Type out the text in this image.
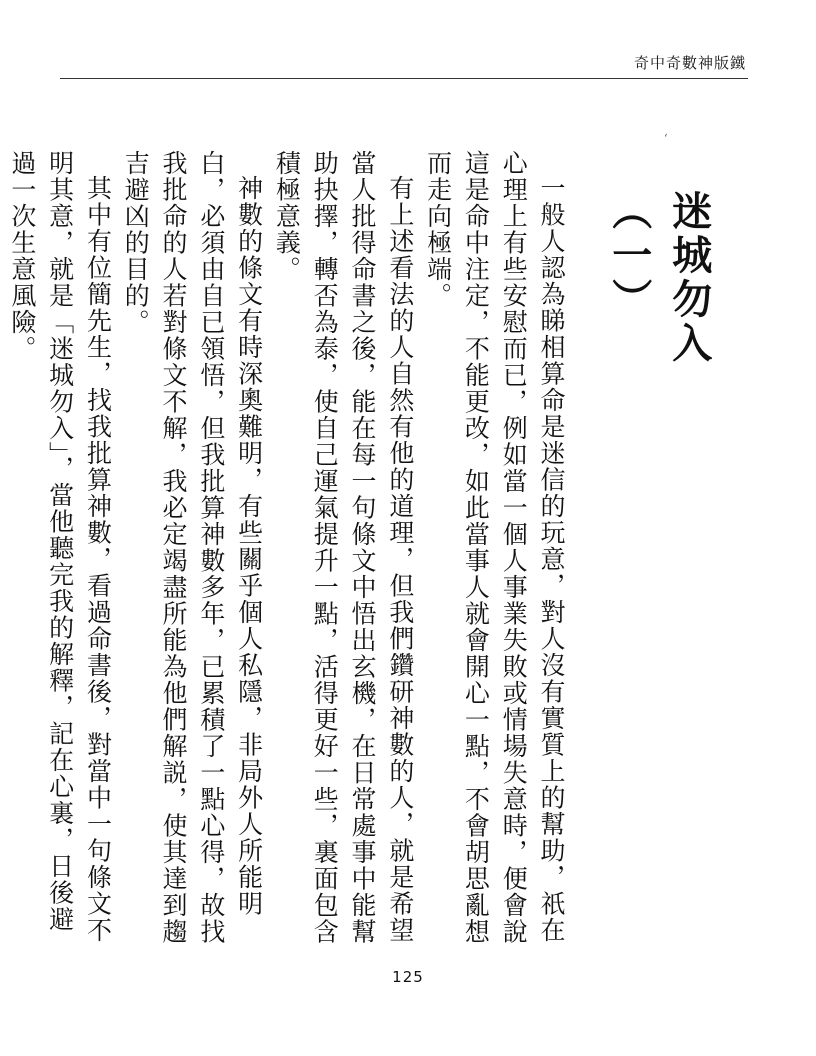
奇中奇數神版鐵
‘
迷城勿入（一）

一般人認為睇相算命是迷信的玩意，對人沒有實質上的幫助，祇在心理上有些安慰而已，例如當一個人事業失敗或情場失意時，便會說這是命中注定，不能更改，如此當事人就會開心一點，不會胡思亂想而走向極端。

有上述看法的人自然有他的道理，但我們鑽研神數的人，就是希望當人批得命書之後，能在每一句條文中悟出玄機，在日常處事中能幫助抉擇，轉否為泰，使自己運氣提升一點，活得更好一些，裏面包含積極意義。

神數的條文有時深奧難明，有些關乎個人私隱，非局外人所能明白，必須由自已領悟，但我批算神數多年，已累積了一點心得，故找我批命的人若對條文不解，我必定竭盡所能為他們解説，使其達到趨吉避凶的目的。

其中有位簡先生，找我批算神數，看過命書後，對當中一句條文不明其意，就是「迷城勿入」，當他聽完我的解釋，記在心裏，日後避過一次生意風險。

125
